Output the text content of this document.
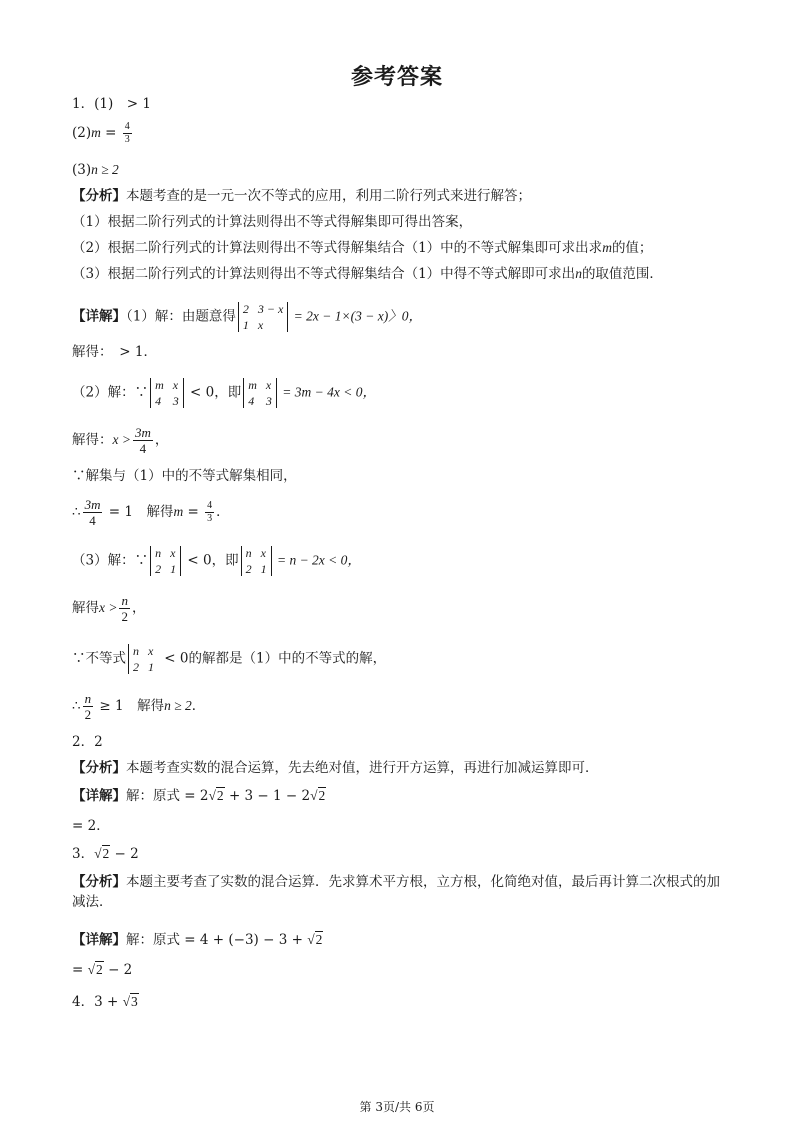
参考答案
1．(1)　> 1
$(2)m = \frac{4}{3}$
(3)n ≥ 2
【分析】本题考查的是一元一次不等式的应用，利用二阶行列式来进行解答；
（1）根据二阶行列式的计算法则得出不等式得解集即可得出答案，
（2）根据二阶行列式的计算法则得出不等式得解集结合（1）中的不等式解集即可求出求m的值；
（3）根据二阶行列式的计算法则得出不等式得解集结合（1）中得不等式解即可求出n的取值范围．
【详解】（1）解：由题意得 2 3 − x
1 x
= 2x − 1×(3 − x)〉0，
解得：　> 1．
（2）解：∵ m x
4 3
< 0，即 m x
4 3
= 3m − 4x < 0，
解得：$x > \frac{3m}{4}$ ，
∵解集与（1）中的不等式解集相同，
∴ $\frac{3m}{4} = 1$　解得$m = \frac{4}{3}$ ．
（3）解：∵ n x
2 1
< 0，即 n x
2 1
= n − 2x < 0，
解得$x > \frac{n}{2}$ ，
∵不等式 n x
2 1
< 0的解都是（1）中的不等式的解，
∴ $\frac{n}{2} \ge 1$　解得n ≥ 2．
2．2
【分析】本题考查实数的混合运算，先去绝对值，进行开方运算，再进行加减运算即可．
【详解】解：原式 = 2√2 + 3 − 1 − 2√2
= 2．
3．√2 − 2
【分析】本题主要考查了实数的混合运算．先求算术平方根，立方根，化简绝对值，最后再计算二次根式的加减法．
【详解】解：原式 = 4 + (−3) − 3 + √2
= √2 − 2
4．3 + √3
第 3页/共 6页
